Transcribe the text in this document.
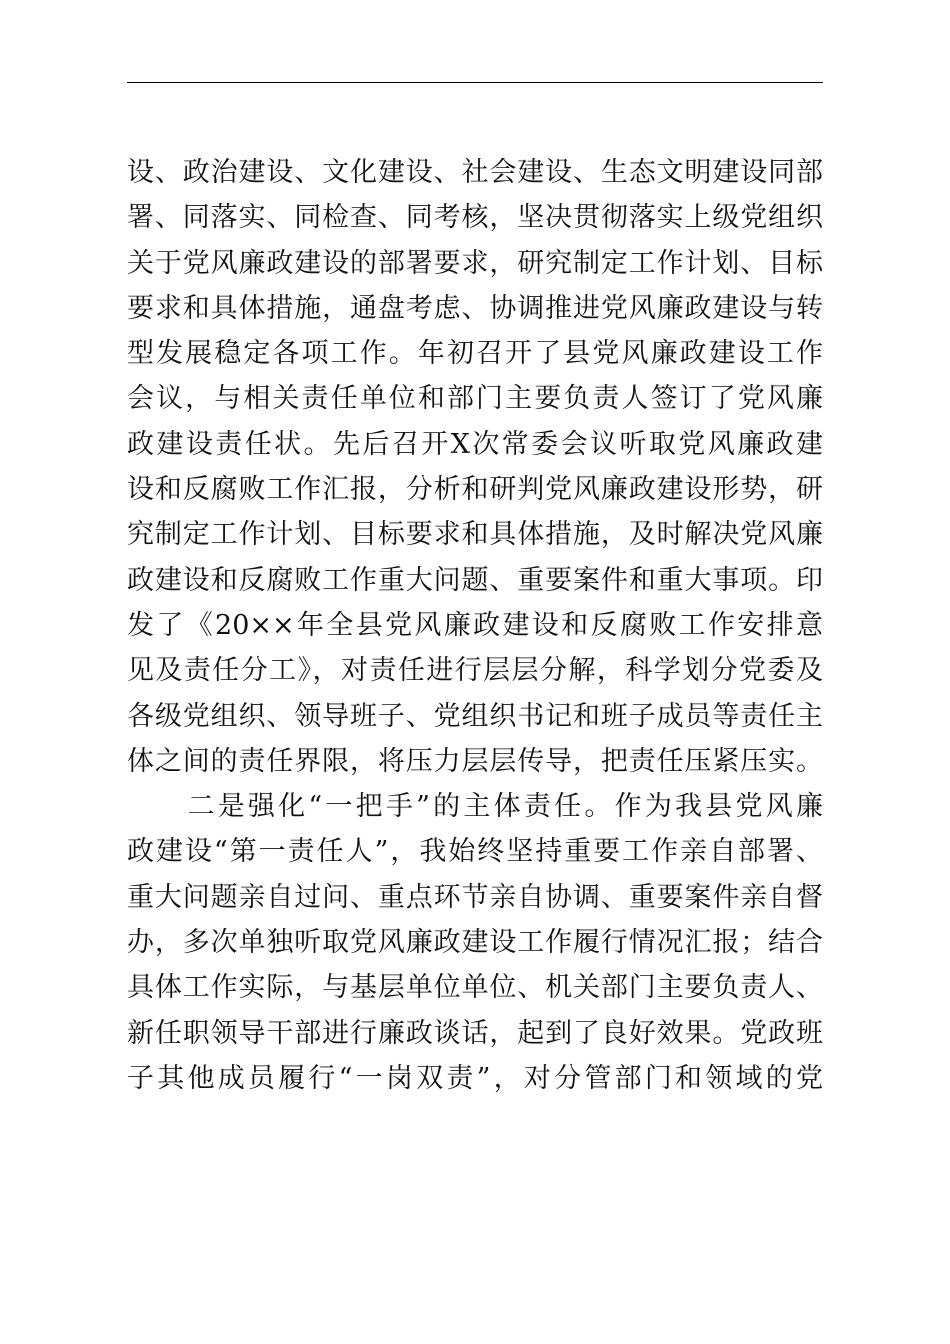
设、政治建设、文化建设、社会建设、生态文明建设同部
署、同落实、同检查、同考核，坚决贯彻落实上级党组织
关于党风廉政建设的部署要求，研究制定工作计划、目标
要求和具体措施，通盘考虑、协调推进党风廉政建设与转
型发展稳定各项工作。年初召开了县党风廉政建设工作
会议，与相关责任单位和部门主要负责人签订了党风廉
政建设责任状。先后召开X次常委会议听取党风廉政建
设和反腐败工作汇报，分析和研判党风廉政建设形势，研
究制定工作计划、目标要求和具体措施，及时解决党风廉
政建设和反腐败工作重大问题、重要案件和重大事项。印
发了《20××年全县党风廉政建设和反腐败工作安排意
见及责任分工》，对责任进行层层分解，科学划分党委及
各级党组织、领导班子、党组织书记和班子成员等责任主
体之间的责任界限，将压力层层传导，把责任压紧压实。
　　二是强化“一把手”的主体责任。作为我县党风廉
政建设“第一责任人”，我始终坚持重要工作亲自部署、
重大问题亲自过问、重点环节亲自协调、重要案件亲自督
办，多次单独听取党风廉政建设工作履行情况汇报；结合
具体工作实际，与基层单位单位、机关部门主要负责人、
新任职领导干部进行廉政谈话，起到了良好效果。党政班
子其他成员履行“一岗双责”，对分管部门和领域的党
